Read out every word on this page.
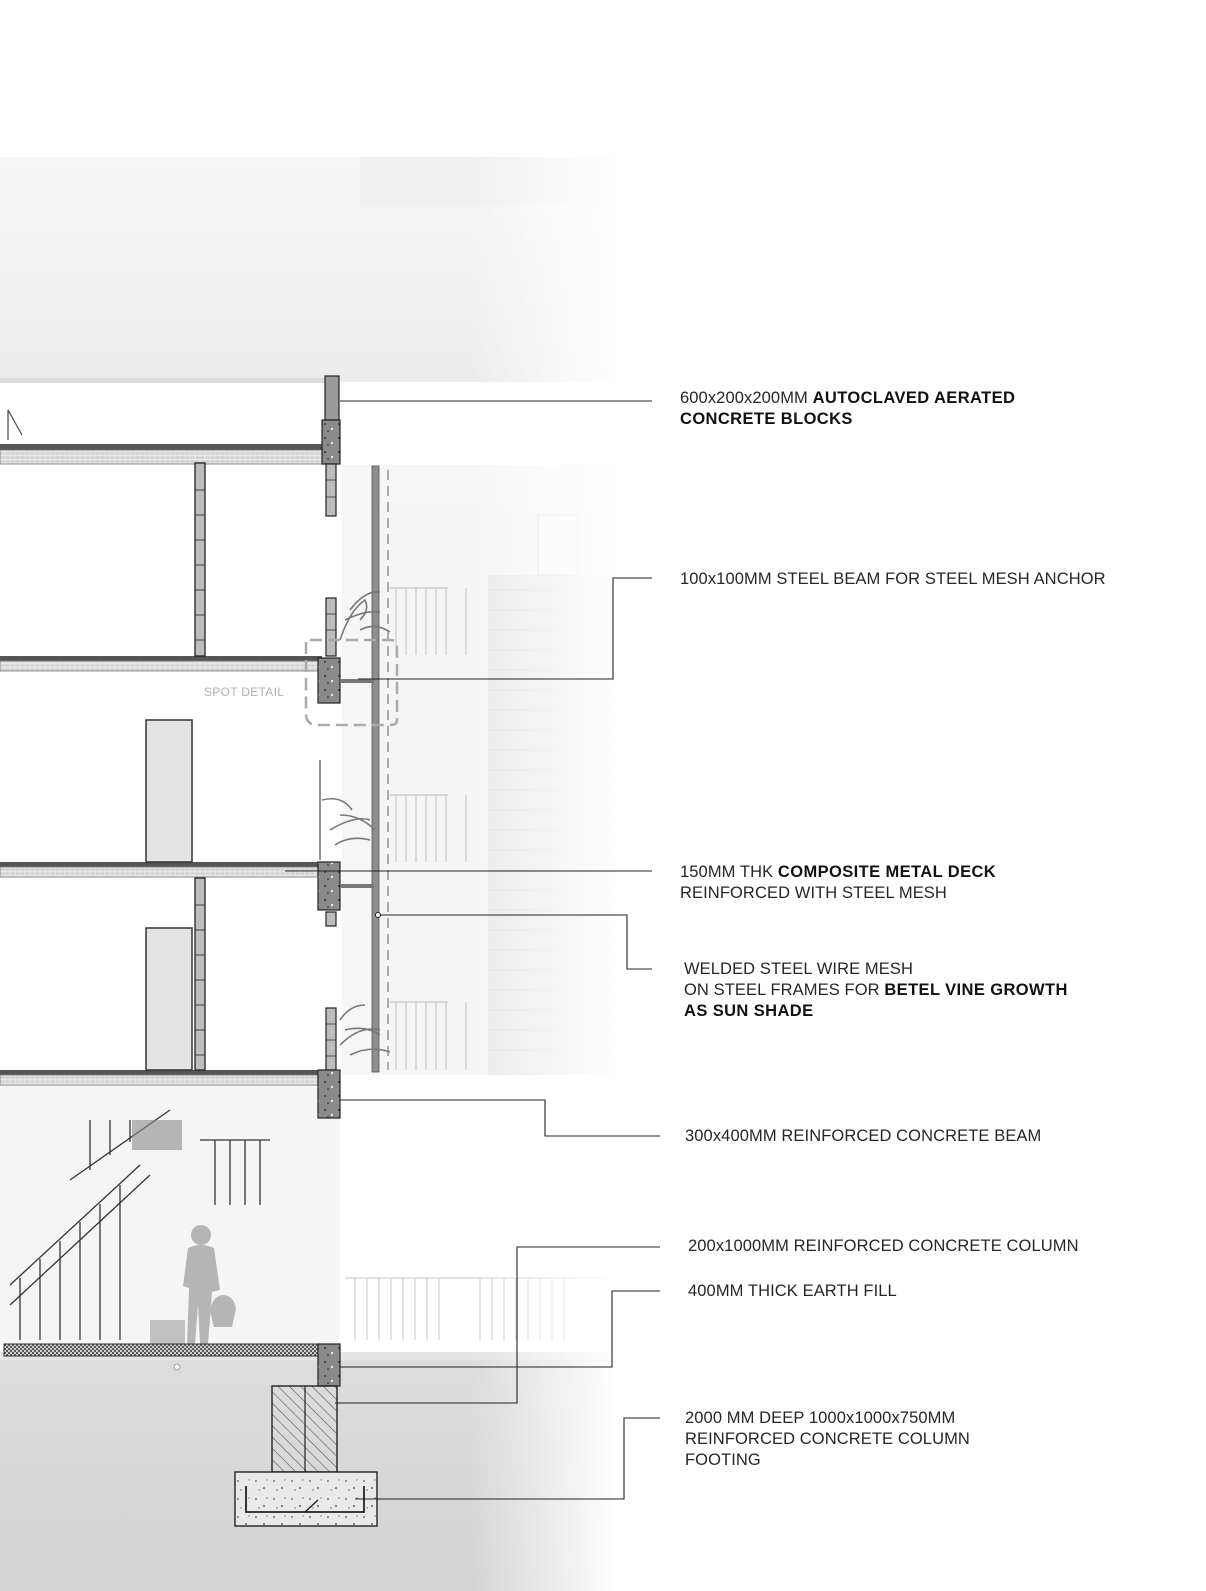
SPOT DETAIL
600x200x200MM AUTOCLAVED AERATED
CONCRETE BLOCKS
100x100MM STEEL BEAM FOR STEEL MESH ANCHOR
150MM THK COMPOSITE METAL DECK
REINFORCED WITH STEEL MESH
WELDED STEEL WIRE MESH
ON STEEL FRAMES FOR BETEL VINE GROWTH
AS SUN SHADE
300x400MM REINFORCED CONCRETE BEAM
200x1000MM REINFORCED CONCRETE COLUMN
400MM THICK EARTH FILL
2000 MM DEEP 1000x1000x750MM
REINFORCED CONCRETE COLUMN
FOOTING
